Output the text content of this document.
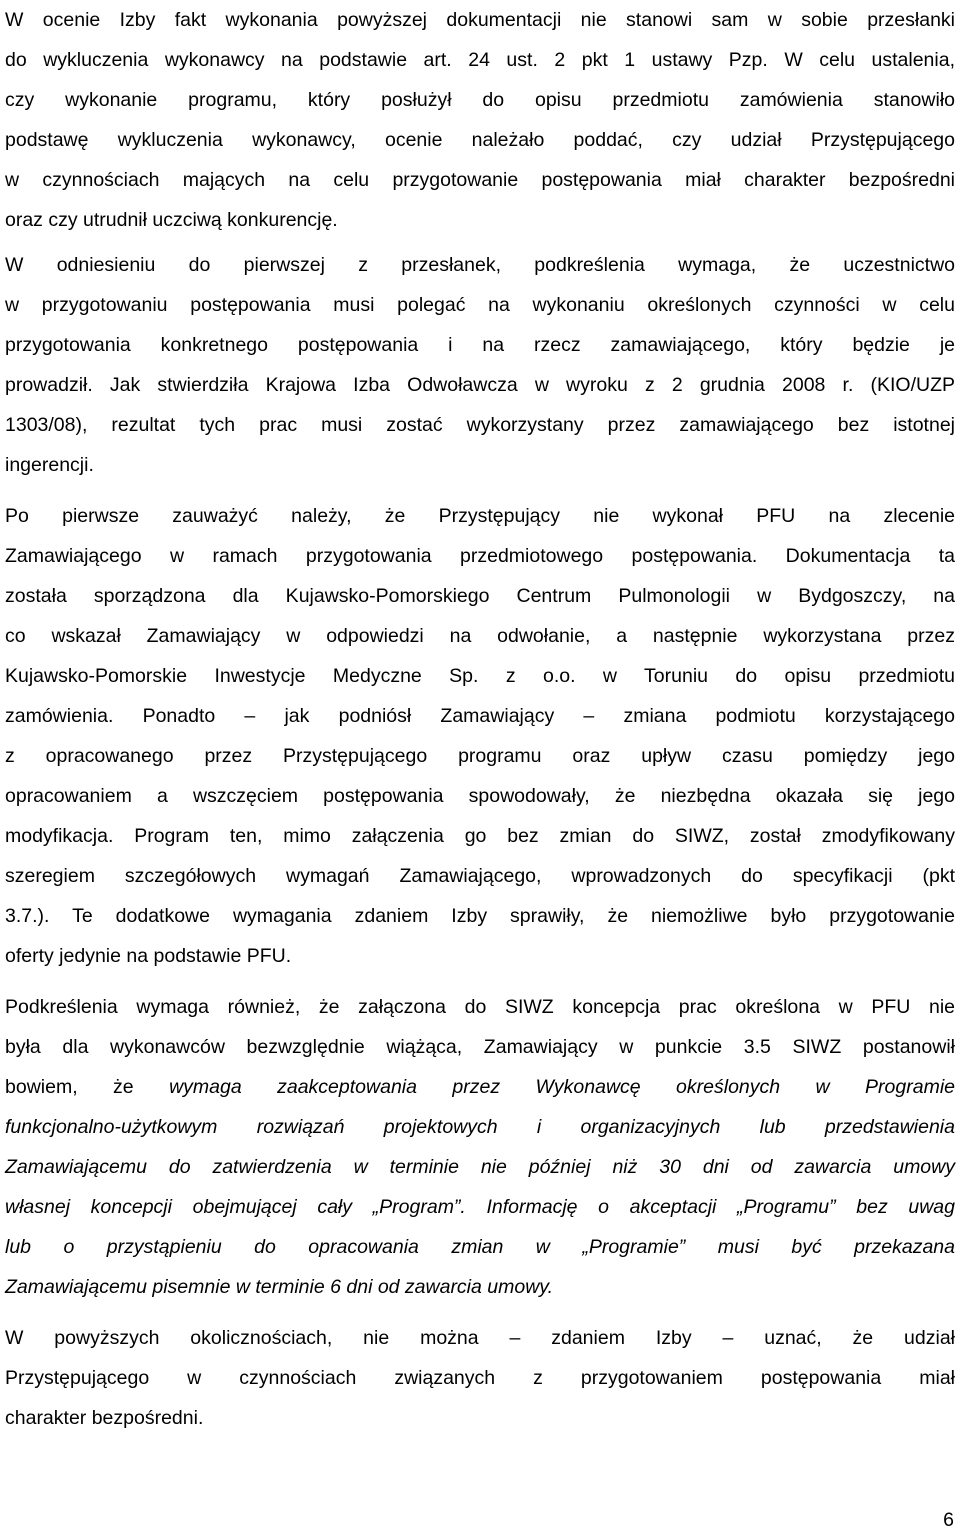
W ocenie Izby fakt wykonania powyższej dokumentacji nie stanowi sam w sobie przesłanki
do wykluczenia wykonawcy na podstawie art. 24 ust. 2 pkt 1 ustawy Pzp. W celu ustalenia,
czy wykonanie programu, który posłużył do opisu przedmiotu zamówienia stanowiło
podstawę wykluczenia wykonawcy, ocenie należało poddać, czy udział Przystępującego
w czynnościach mających na celu przygotowanie postępowania miał charakter bezpośredni
oraz czy utrudnił uczciwą konkurencję.
W odniesieniu do pierwszej z przesłanek, podkreślenia wymaga, że uczestnictwo
w przygotowaniu postępowania musi polegać na wykonaniu określonych czynności w celu
przygotowania konkretnego postępowania i na rzecz zamawiającego, który będzie je
prowadził. Jak stwierdziła Krajowa Izba Odwoławcza w wyroku z 2 grudnia 2008 r. (KIO/UZP
1303/08), rezultat tych prac musi zostać wykorzystany przez zamawiającego bez istotnej
ingerencji.
Po pierwsze zauważyć należy, że Przystępujący nie wykonał PFU na zlecenie
Zamawiającego w ramach przygotowania przedmiotowego postępowania. Dokumentacja ta
została sporządzona dla Kujawsko-Pomorskiego Centrum Pulmonologii w Bydgoszczy, na
co wskazał Zamawiający w odpowiedzi na odwołanie, a następnie wykorzystana przez
Kujawsko-Pomorskie Inwestycje Medyczne Sp. z o.o. w Toruniu do opisu przedmiotu
zamówienia. Ponadto – jak podniósł Zamawiający – zmiana podmiotu korzystającego
z opracowanego przez Przystępującego programu oraz upływ czasu pomiędzy jego
opracowaniem a wszczęciem postępowania spowodowały, że niezbędna okazała się jego
modyfikacja. Program ten, mimo załączenia go bez zmian do SIWZ, został zmodyfikowany
szeregiem szczegółowych wymagań Zamawiającego, wprowadzonych do specyfikacji (pkt
3.7.). Te dodatkowe wymagania zdaniem Izby sprawiły, że niemożliwe było przygotowanie
oferty jedynie na podstawie PFU.
Podkreślenia wymaga również, że załączona do SIWZ koncepcja prac określona w PFU nie
była dla wykonawców bezwzględnie wiążąca, Zamawiający w punkcie 3.5 SIWZ postanowił
bowiem, że wymaga zaakceptowania przez Wykonawcę określonych w Programie
funkcjonalno-użytkowym rozwiązań projektowych i organizacyjnych lub przedstawienia
Zamawiającemu do zatwierdzenia w terminie nie później niż 30 dni od zawarcia umowy
własnej koncepcji obejmującej cały „Program”. Informację o akceptacji „Programu” bez uwag
lub o przystąpieniu do opracowania zmian w „Programie” musi być przekazana
Zamawiającemu pisemnie w terminie 6 dni od zawarcia umowy.
W powyższych okolicznościach, nie można – zdaniem Izby – uznać, że udział
Przystępującego w czynnościach związanych z przygotowaniem postępowania miał
charakter bezpośredni.
6
